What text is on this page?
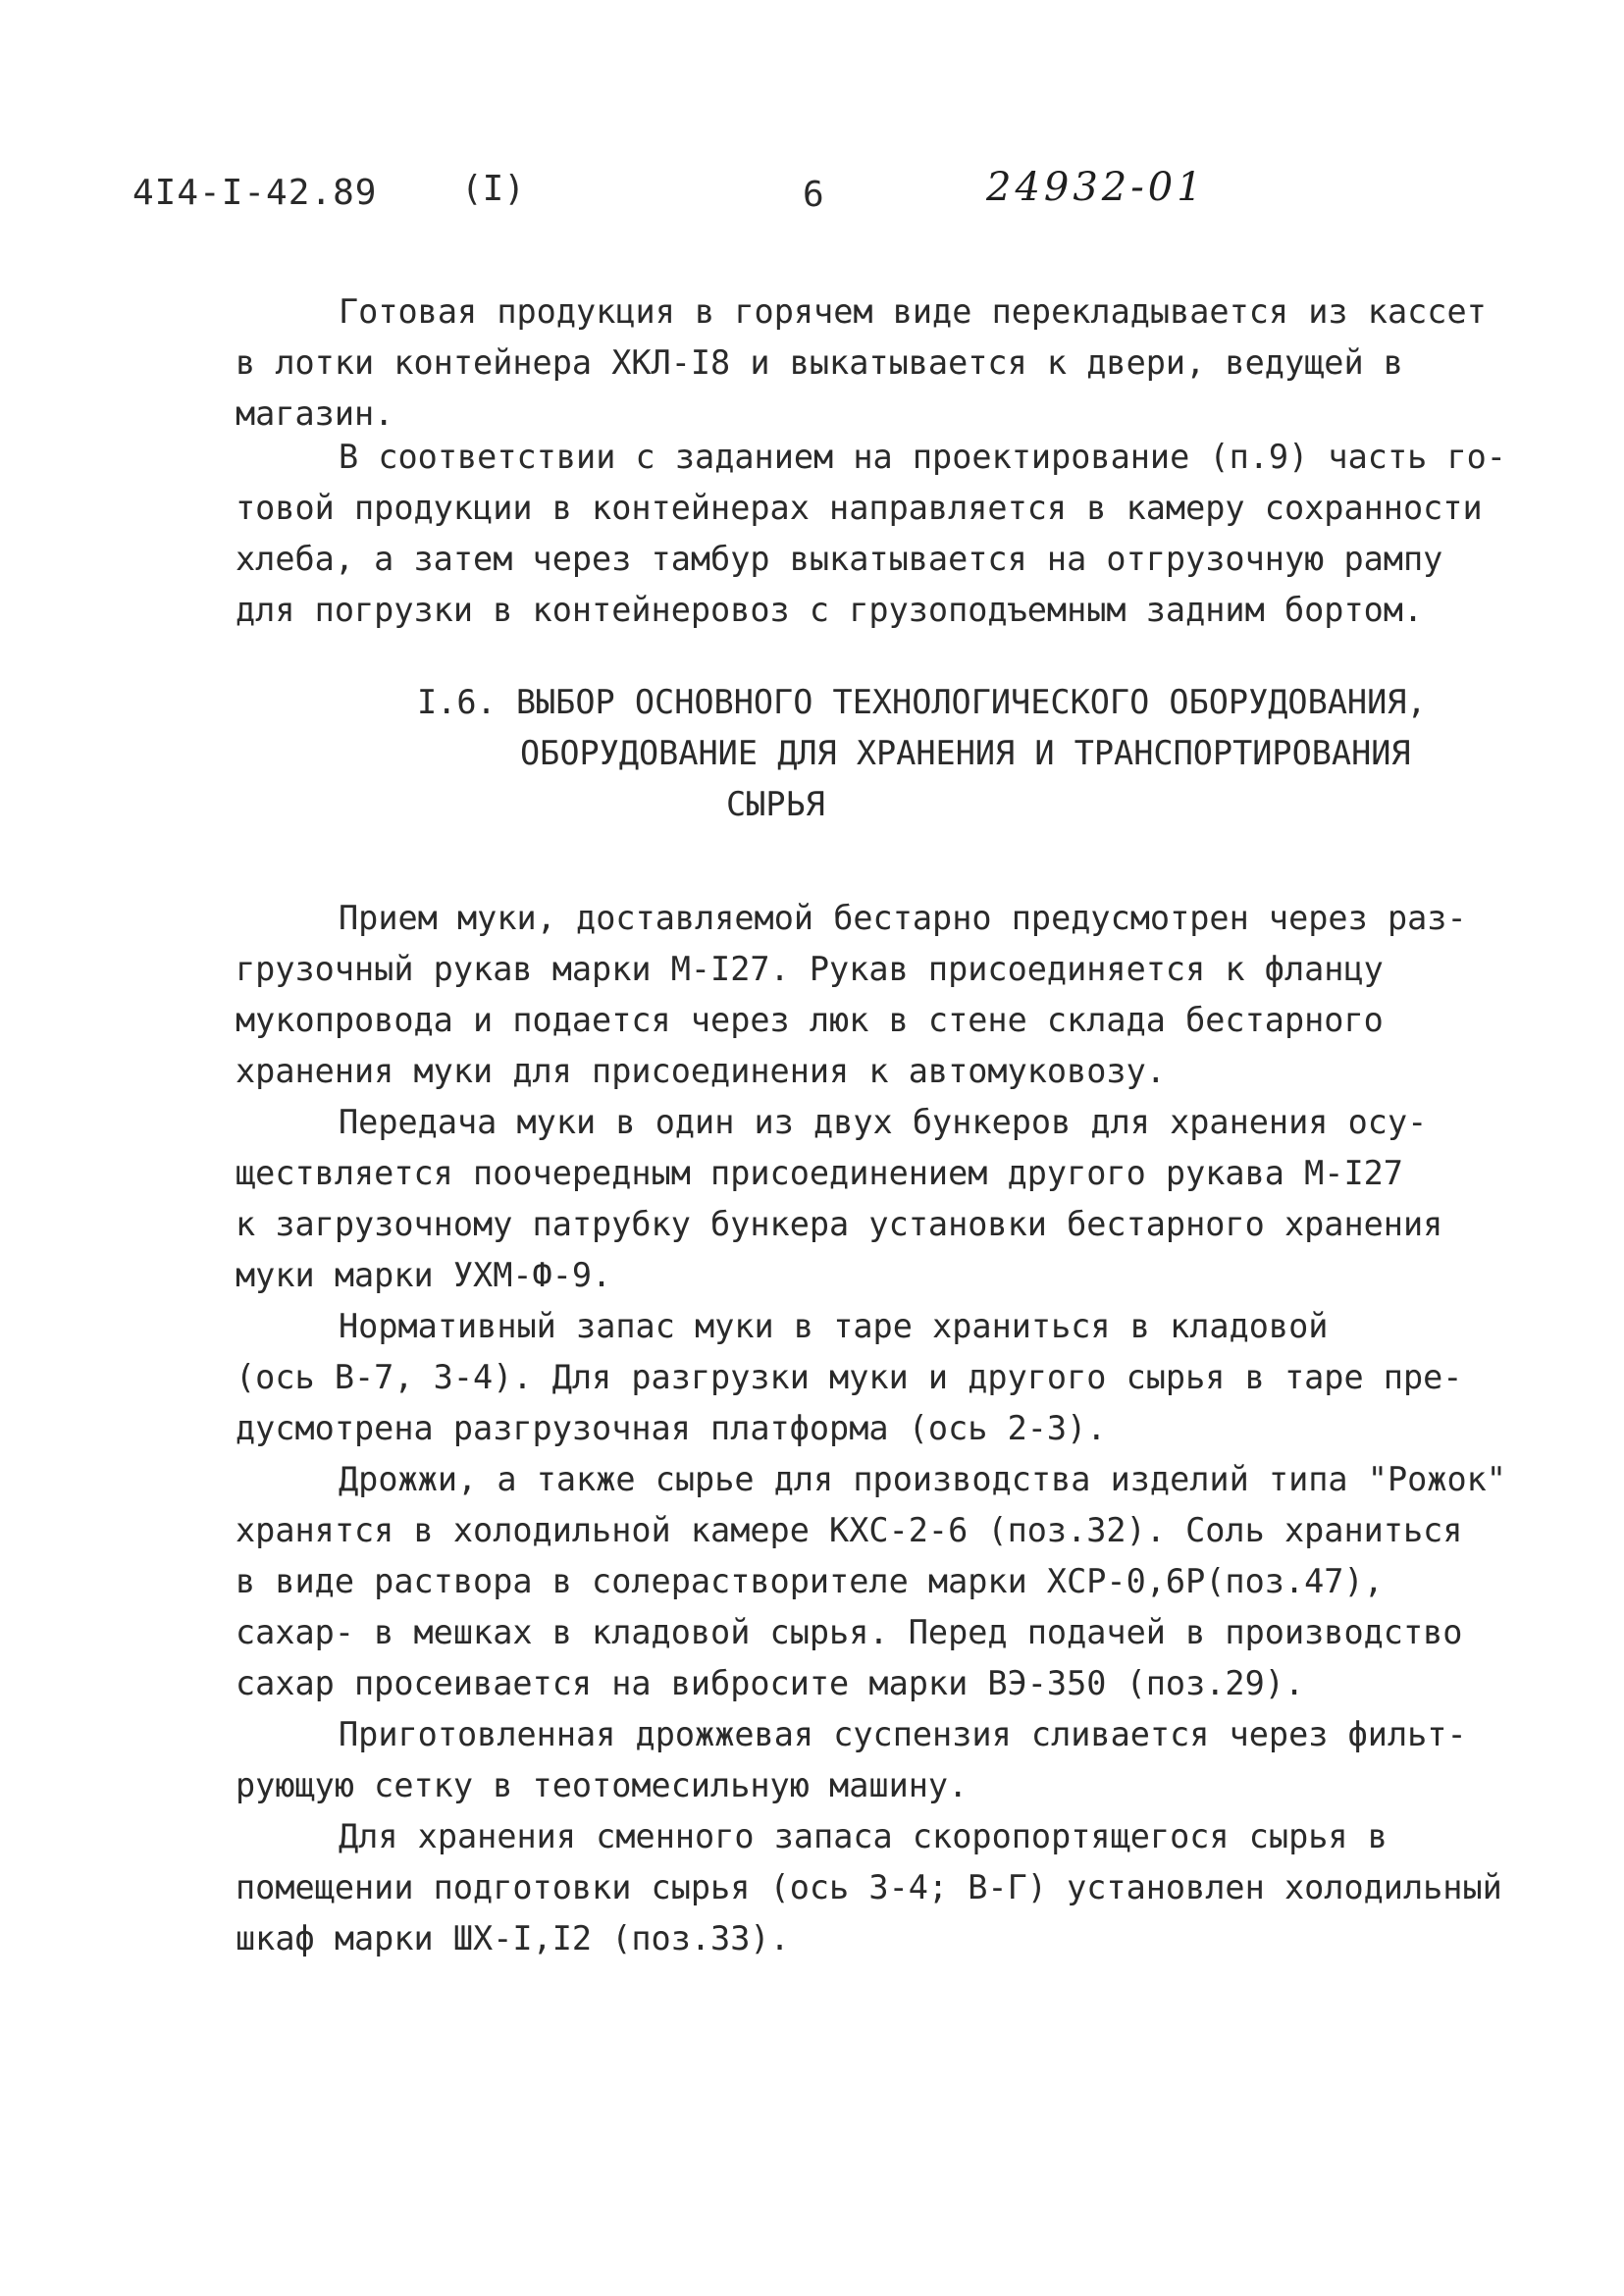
4I4-I-42.89 (I)	6	24932-01
Готовая продукция в горячем виде перекладывается из кассет
в лотки контейнера ХКЛ-I8 и выкатывается к двери, ведущей в
магазин.
В соответствии с заданием на проектирование (п.9) часть го-
товой продукции в контейнерах направляется в камеру сохранности
хлеба, а затем через тамбур выкатывается на отгрузочную рампу
для погрузки в контейнеровоз с грузоподъемным задним бортом.
I.6. ВЫБОР ОСНОВНОГО ТЕХНОЛОГИЧЕСКОГО ОБОРУДОВАНИЯ,
ОБОРУДОВАНИЕ ДЛЯ ХРАНЕНИЯ И ТРАНСПОРТИРОВАНИЯ
СЫРЬЯ
Прием муки, доставляемой бестарно предусмотрен через раз-
грузочный рукав марки М-I27. Рукав присоединяется к фланцу
мукопровода и подается через люк в стене склада бестарного
хранения муки для присоединения к автомуковозу.
Передача муки в один из двух бункеров для хранения осу-
ществляется поочередным присоединением другого рукава М-I27
к загрузочному патрубку бункера установки бестарного хранения
муки марки УХМ-Ф-9.
Нормативный запас муки в таре храниться в кладовой
(ось В-7, 3-4). Для разгрузки муки и другого сырья в таре пре-
дусмотрена разгрузочная платформа (ось 2-3).
Дрожжи, а также сырье для производства изделий типа "Рожок"
хранятся в холодильной камере КХС-2-6 (поз.32). Соль храниться
в виде раствора в солерастворителе марки ХСР-0,6Р(поз.47),
сахар- в мешках в кладовой сырья. Перед подачей в производство
сахар просеивается на вибросите марки ВЭ-350 (поз.29).
Приготовленная дрожжевая суспензия сливается через фильт-
рующую сетку в теотомесильную машину.
Для хранения сменного запаса скоропортящегося сырья в
помещении подготовки сырья (ось 3-4; В-Г) установлен холодильный
шкаф марки ШХ-I,I2 (поз.33).
